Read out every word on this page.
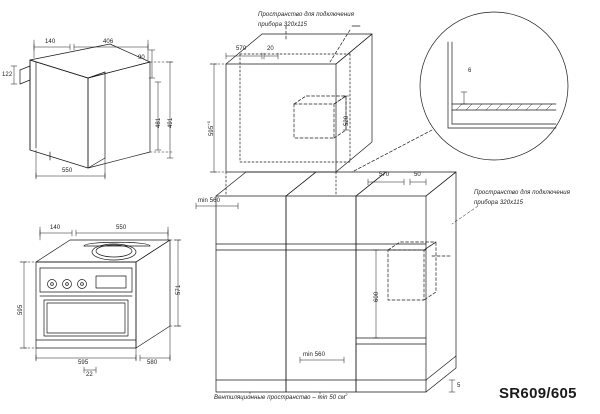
Пространство для подключения
прибора 320х115
Пространство для подключения
прибора 320х115
Вентиляционные пространство – min 50 $см^2$	SR609/605
140	406
90
122
481 491
550
140	550
595
571
595	580
22
570	20
$595^{+5}$	520
min 560
570	50
600
min 560
5
6
